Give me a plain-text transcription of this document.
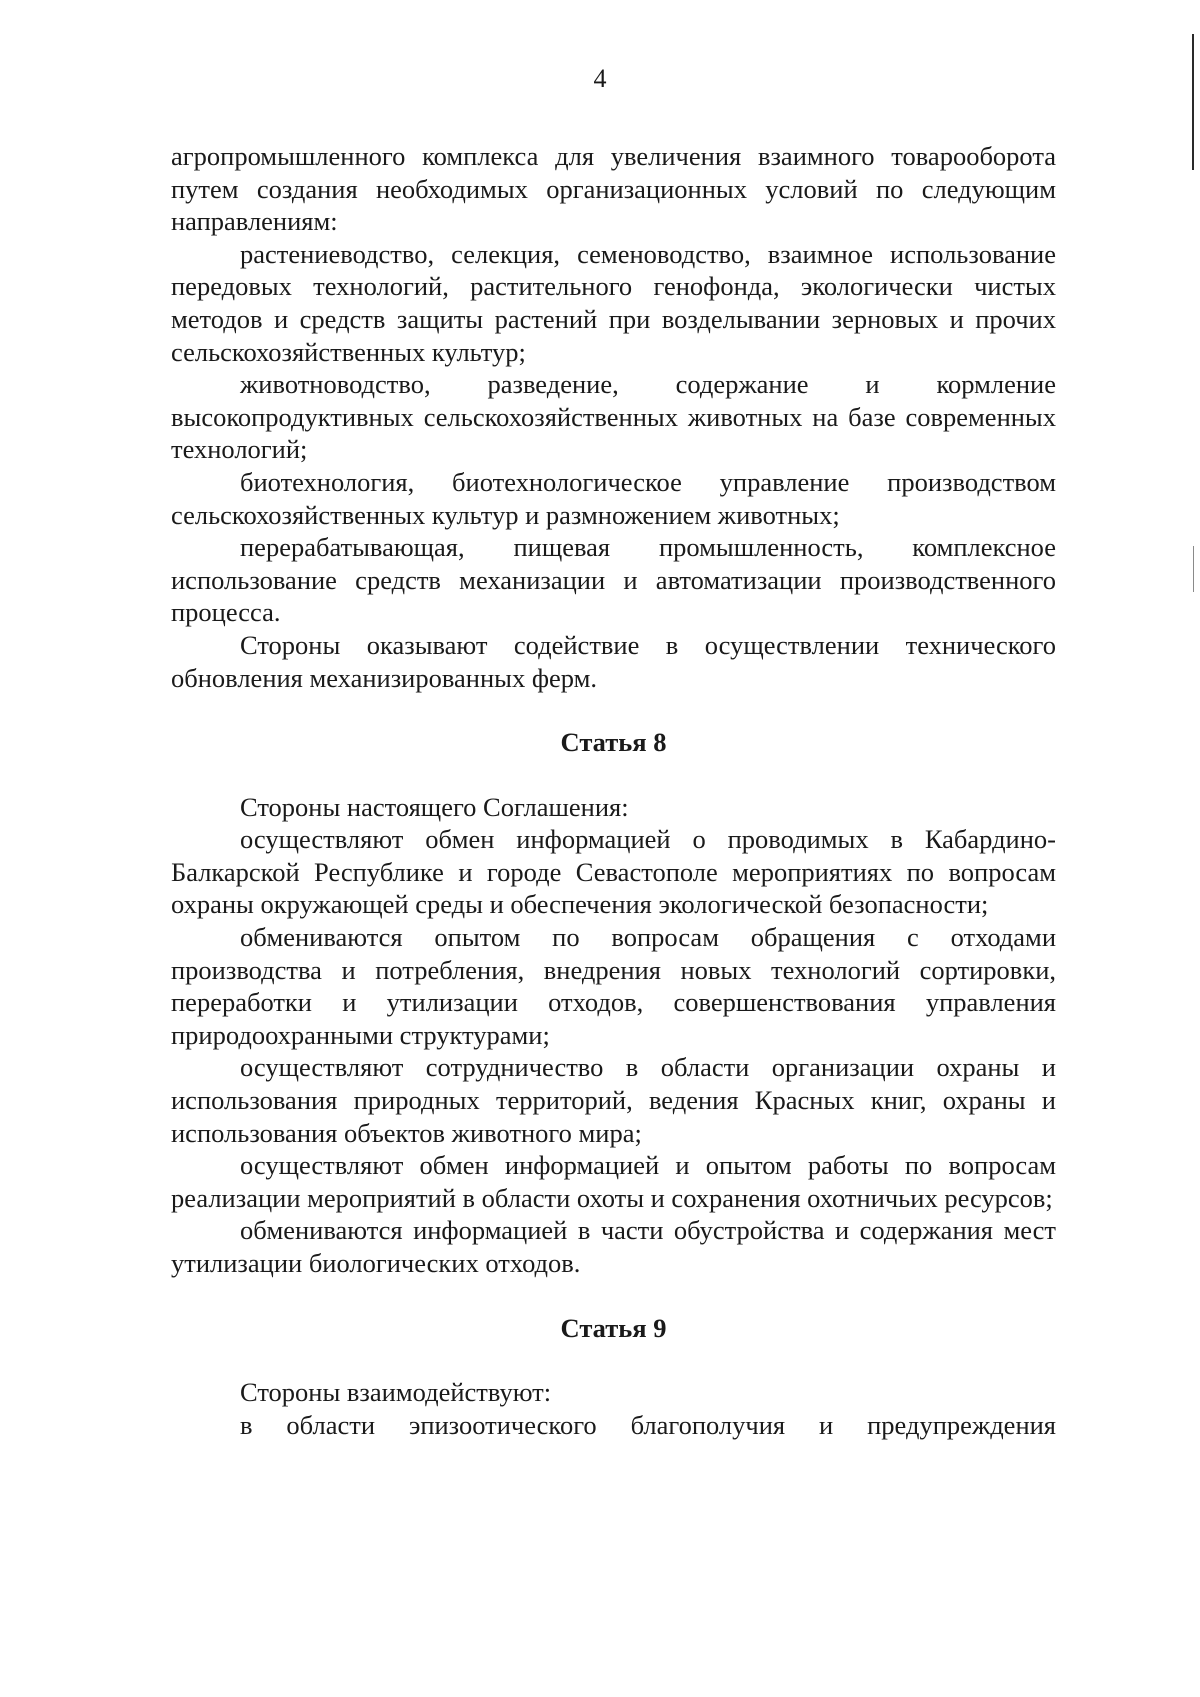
4

агропромышленного комплекса для увеличения взаимного товарооборота путем создания необходимых организационных условий по следующим направлениям:

растениеводство, селекция, семеноводство, взаимное использование передовых технологий, растительного генофонда, экологически чистых методов и средств защиты растений при возделывании зерновых и прочих сельскохозяйственных культур;

животноводство, разведение, содержание и кормление высокопродуктивных сельскохозяйственных животных на базе современных технологий;

биотехнология, биотехнологическое управление производством сельскохозяйственных культур и размножением животных;

перерабатывающая, пищевая промышленность, комплексное использование средств механизации и автоматизации производственного процесса.

Стороны оказывают содействие в осуществлении технического обновления механизированных ферм.

Статья 8

Стороны настоящего Соглашения:

осуществляют обмен информацией о проводимых в Кабардино-Балкарской Республике и городе Севастополе мероприятиях по вопросам охраны окружающей среды и обеспечения экологической безопасности;

обмениваются опытом по вопросам обращения с отходами производства и потребления, внедрения новых технологий сортировки, переработки и утилизации отходов, совершенствования управления природоохранными структурами;

осуществляют сотрудничество в области организации охраны и использования природных территорий, ведения Красных книг, охраны и использования объектов животного мира;

осуществляют обмен информацией и опытом работы по вопросам реализации мероприятий в области охоты и сохранения охотничьих ресурсов;

обмениваются информацией в части обустройства и содержания мест утилизации биологических отходов.

Статья 9

Стороны взаимодействуют:

в области эпизоотического благополучия и предупреждения
